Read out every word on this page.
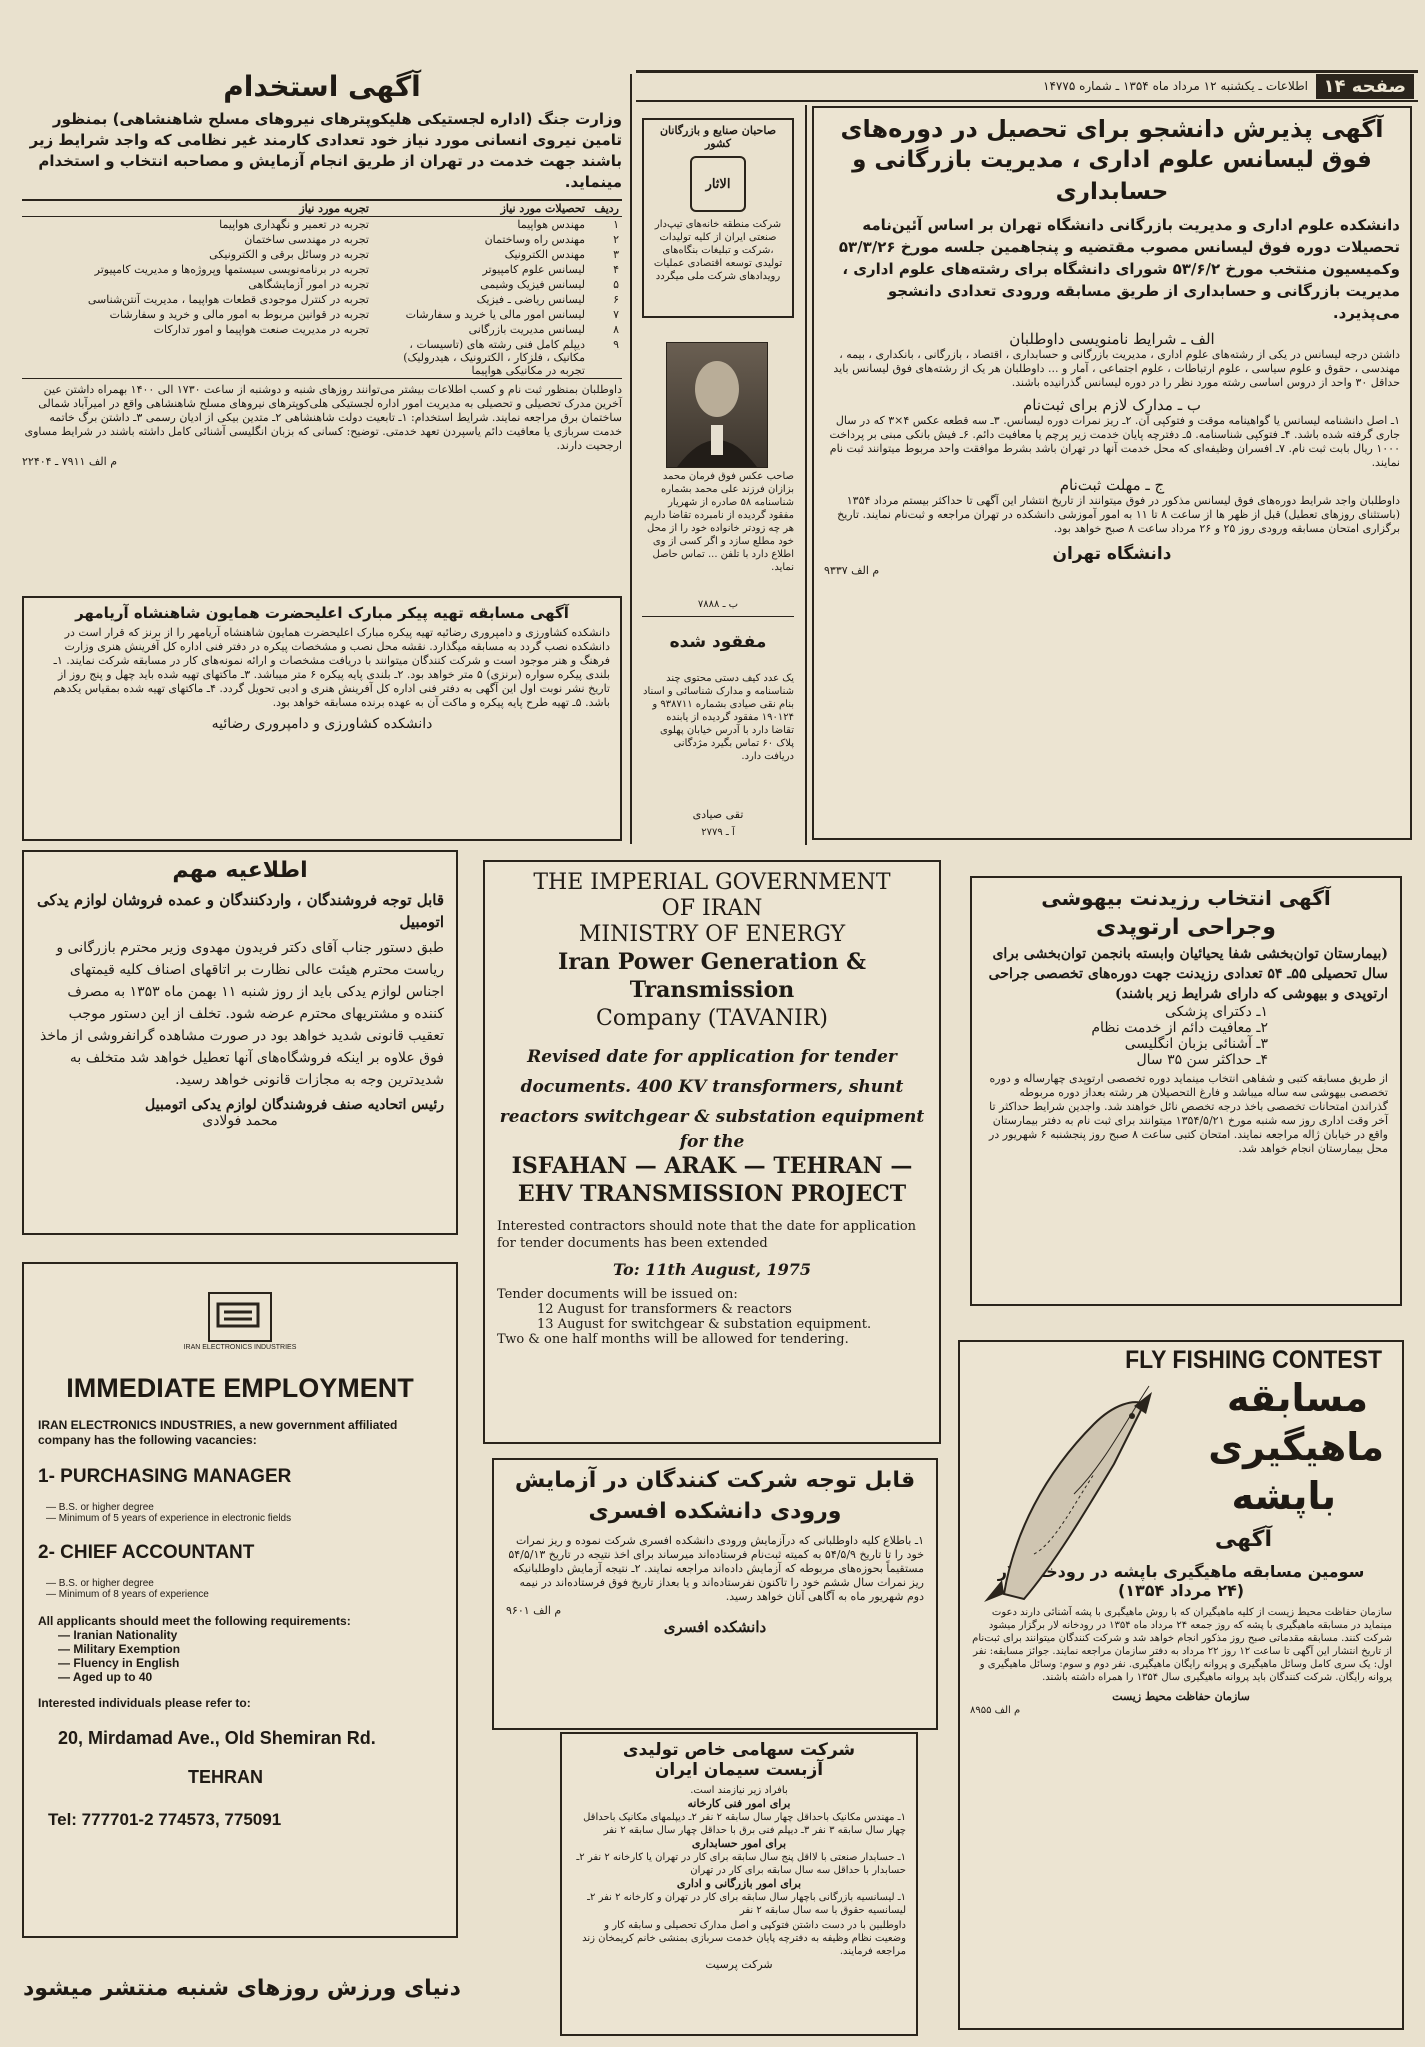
صفحه ۱۴
اطلاعات ـ یکشنبه ۱۲ مرداد ماه ۱۳۵۴ ـ شماره ۱۴۷۷۵
آگهی استخدام
وزارت جنگ (اداره لجستیکی هلیکوپترهای نیروهای مسلح شاهنشاهی) بمنظور تامین نیروی انسانی مورد نیاز خود تعدادی کارمند غیر نظامی که واجد شرایط زیر باشند جهت خدمت در تهران از طریق انجام آزمایش و مصاحبه انتخاب و استخدام مینماید.
ردیف	تحصیلات مورد نیاز	تجربه مورد نیاز
۱	مهندس هواپیما	تجربه در تعمیر و نگهداری هواپیما
۲	مهندس راه وساختمان	تجربه در مهندسی ساختمان
۳	مهندس الکترونیک	تجربه در وسائل برقی و الکترونیکی
۴	لیسانس علوم کامپیوتر	تجربه در برنامه‌نویسی سیستمها وپروژه‌ها و مدیریت کامپیوتر
۵	لیسانس فیزیک وشیمی	تجربه در امور آزمایشگاهی
۶	لیسانس ریاضی ـ فیزیک	تجربه در کنترل موجودی قطعات هواپیما ، مدیریت آنتن‌شناسی
۷	لیسانس امور مالی یا خرید و سفارشات	تجربه در قوانین مربوط به امور مالی و خرید و سفارشات
۸	لیسانس مدیریت بازرگانی	تجربه در مدیریت صنعت هواپیما و امور تدارکات
۹	دیپلم کامل فنی رشته های (تاسیسات ، مکانیک ، فلزکار ، الکترونیک ، هیدرولیک) تجربه در مکانیکی هواپیما	
داوطلبان بمنظور ثبت نام و کسب اطلاعات بیشتر می‌توانند روزهای شنبه و دوشنبه از ساعت ۱۷۳۰ الی ۱۴۰۰ بهمراه داشتن عین آخرین مدرک تحصیلی و تحصیلی به مدیریت امور اداره لجستیکی هلی‌کوپترهای نیروهای مسلح شاهنشاهی واقع در امیرآباد شمالی ساختمان برق مراجعه نمایند. شرایط استخدام: ۱ـ تابعیت دولت شاهنشاهی ۲ـ متدین بیکی از ادیان رسمی ۳ـ داشتن برگ خاتمه خدمت سربازی یا معافیت دائم یاسپردن تعهد خدمتی. توضیح: کسانی که بزبان انگلیسی آشنائی کامل داشته باشند در شرایط مساوی ارجحیت دارند.
م الف ۷۹۱۱ ـ ۲۲۴۰۴
صاحبان صنایع و بازرگانان کشور
الاثار
شرکت منطقه خانه‌های تیپ‌دار صنعتی ایران از کلیه تولیدات ،شرکت و تبلیغات بنگاه‌های تولیدی توسعه اقتصادی عملیات رویدادهای شرکت ملی میگردد
صاحب عکس فوق فرمان محمد بزازان فرزند علی محمد بشماره شناسنامه ۵۸ صادره از شهریار مفقود گردیده از نامبرده تقاضا داریم هر چه زودتر خانواده خود را از محل خود مطلع سازد و اگر کسی از وی اطلاع دارد با تلفن ... تماس حاصل نماید.
ب ـ ۷۸۸۸
مفقود شده
یک عدد کیف دستی محتوی چند شناسنامه و مدارک شناسائی و اسناد بنام نقی صیادی بشماره ۹۳۸۷۱۱ و ۱۹۰۱۲۴ مفقود گردیده از یابنده تقاضا دارد با آدرس خیابان پهلوی پلاک ۶۰ تماس بگیرد مژدگانی دریافت دارد.
تقی صیادی
آ ـ ۲۷۷۹
آگهی پذیرش دانشجو برای تحصیل در دوره‌های
فوق لیسانس علوم اداری ، مدیریت بازرگانی و حسابداری
دانشکده علوم اداری و مدیریت بازرگانی دانشگاه تهران بر اساس آئین‌نامه تحصیلات دوره فوق لیسانس مصوب مقتضیه و پنجاهمین جلسه مورخ ۵۳/۳/۲۶ وکمیسیون منتخب مورخ ۵۳/۶/۲ شورای دانشگاه برای رشته‌های علوم اداری ، مدیریت بازرگانی و حسابداری از طریق مسابقه ورودی تعدادی دانشجو می‌پذیرد.
الف ـ شرایط نامنویسی داوطلبان
داشتن درجه لیسانس در یکی از رشته‌های علوم اداری ، مدیریت بازرگانی و حسابداری ، اقتصاد ، بازرگانی ، بانکداری ، بیمه ، مهندسی ، حقوق و علوم سیاسی ، علوم ارتباطات ، علوم اجتماعی ، آمار و ... داوطلبان هر یک از رشته‌های فوق لیسانس باید حداقل ۳۰ واحد از دروس اساسی رشته مورد نظر را در دوره لیسانس گذرانیده باشند.
ب ـ مدارک لازم برای ثبت‌نام
۱ـ اصل دانشنامه لیسانس یا گواهینامه موقت و فتوکپی آن. ۲ـ ریز نمرات دوره لیسانس. ۳ـ سه قطعه عکس ۴×۳ که در سال جاری گرفته شده باشد. ۴ـ فتوکپی شناسنامه. ۵ـ دفترچه پایان خدمت زیر پرچم یا معافیت دائم. ۶ـ فیش بانکی مبنی بر پرداخت ۱۰۰۰ ریال بابت ثبت نام. ۷ـ افسران وظیفه‌ای که محل خدمت آنها در تهران باشد بشرط موافقت واحد مربوط میتوانند ثبت نام نمایند.
ج ـ مهلت ثبت‌نام
داوطلبان واجد شرایط دوره‌های فوق لیسانس مذکور در فوق میتوانند از تاریخ انتشار این آگهی تا حداکثر بیستم مرداد ۱۳۵۴ (باستثنای روزهای تعطیل) قبل از ظهر ها از ساعت ۸ تا ۱۱ به امور آموزشی دانشکده در تهران مراجعه و ثبت‌نام نمایند. تاریخ برگزاری امتحان مسابقه ورودی روز ۲۵ و ۲۶ مرداد ساعت ۸ صبح خواهد بود.
دانشگاه تهران
م الف ۹۳۳۷
آگهی مسابقه تهیه پیکر مبارک اعلیحضرت همایون شاهنشاه آریامهر
دانشکده کشاورزی و دامپروری رضائیه تهیه پیکره مبارک اعلیحضرت همایون شاهنشاه آریامهر را از برنز که قرار است در دانشکده نصب گردد به مسابقه میگذارد. نقشه محل نصب و مشخصات پیکره در دفتر فنی اداره کل آفرینش هنری وزارت فرهنگ و هنر موجود است و شرکت کنندگان میتوانند با دریافت مشخصات و ارائه نمونه‌های کار در مسابقه شرکت نمایند. ۱ـ بلندی پیکره سواره (برنزی) ۵ متر خواهد بود. ۲ـ بلندی پایه پیکره ۶ متر میباشد. ۳ـ ماکتهای تهیه شده باید چهل و پنج روز از تاریخ نشر نوبت اول این آگهی به دفتر فنی اداره کل آفرینش هنری و ادبی تحویل گردد. ۴ـ ماکتهای تهیه شده بمقیاس یکدهم باشد. ۵ـ تهیه طرح پایه پیکره و ماکت آن به عهده برنده مسابقه خواهد بود.
دانشکده کشاورزی و دامپروری رضائیه
اطلاعیه مهم
قابل توجه فروشندگان ، واردکنندگان و عمده فروشان لوازم یدکی اتومبیل
طبق دستور جناب آقای دکتر فریدون مهدوی وزیر محترم بازرگانی و ریاست محترم هیئت عالی نظارت بر اتاقهای اصناف کلیه قیمتهای اجناس لوازم یدکی باید از روز شنبه ۱۱ بهمن ماه ۱۳۵۳ به مصرف کننده و مشتریهای محترم عرضه شود. تخلف از این دستور موجب تعقیب قانونی شدید خواهد بود در صورت مشاهده گرانفروشی از ماخذ فوق علاوه بر اینکه فروشگاه‌های آنها تعطیل خواهد شد متخلف به شدیدترین وجه به مجازات قانونی خواهد رسید.
رئیس اتحادیه صنف فروشندگان لوازم یدکی اتومبیل
محمد فولادی
THE IMPERIAL GOVERNMENT
OF IRAN
MINISTRY OF ENERGY
Iran Power Generation &
Transmission
Company (TAVANIR)
Revised date for application for tender documents. 400 KV transformers, shunt reactors switchgear & substation equipment
for the
ISFAHAN — ARAK — TEHRAN —
EHV TRANSMISSION PROJECT
Interested contractors should note that the date for application for tender documents has been extended
To: 11th August, 1975
Tender documents will be issued on:
12 August for transformers & reactors
13 August for switchgear & substation equipment.
Two & one half months will be allowed for tendering.
آگهی انتخاب رزیدنت بیهوشی
وجراحی ارتوپدی
(بیمارستان توان‌بخشی شفا یحیائیان وابسته بانجمن توان‌بخشی برای سال تحصیلی ۵۵ـ ۵۴ تعدادی رزیدنت جهت دوره‌های تخصصی جراحی ارتوپدی و بیهوشی که دارای شرایط زیر باشند)
۱ـ دکترای پزشکی
۲ـ معافیت دائم از خدمت نظام
۳ـ آشنائی بزبان انگلیسی
۴ـ حداکثر سن ۳۵ سال
از طریق مسابقه کتبی و شفاهی انتخاب مینماید دوره تخصصی ارتوپدی چهارساله و دوره تخصصی بیهوشی سه ساله میباشد و فارغ التحصیلان هر رشته بعداز دوره مربوطه گذراندن امتحانات تخصصی باخذ درجه تخصص نائل خواهند شد. واجدین شرایط حداکثر تا آخر وقت اداری روز سه شنبه مورخ ۱۳۵۴/۵/۲۱ میتوانند برای ثبت نام به دفتر بیمارستان واقع در خیابان ژاله مراجعه نمایند. امتحان کتبی ساعت ۸ صبح روز پنجشنبه ۶ شهریور در محل بیمارستان انجام خواهد شد.
IRAN ELECTRONICS INDUSTRIES
IMMEDIATE EMPLOYMENT
IRAN ELECTRONICS INDUSTRIES, a new government affiliated company has the following vacancies:
1- PURCHASING MANAGER
— B.S. or higher degree
— Minimum of 5 years of experience in electronic fields
2- CHIEF ACCOUNTANT
— B.S. or higher degree
— Minimum of 8 years of experience
All applicants should meet the following requirements:
— Iranian Nationality
— Military Exemption
— Fluency in English
— Aged up to 40
Interested individuals please refer to:
20, Mirdamad Ave., Old Shemiran Rd.
TEHRAN
Tel: 777701-2 774573, 775091
دنیای ورزش روزهای شنبه منتشر میشود
قابل توجه شرکت کنندگان در آزمایش
ورودی دانشکده افسری
۱ـ باطلاع کلیه داوطلبانی که درآزمایش ورودی دانشکده افسری شرکت نموده و ریز نمرات خود را تا تاریخ ۵۴/۵/۹ به کمیته ثبت‌نام فرستاده‌اند میرساند برای اخذ نتیجه در تاریخ ۵۴/۵/۱۳ مستقیماً بحوزه‌های مربوطه که آزمایش داده‌اند مراجعه نمایند. ۲ـ نتیجه آزمایش داوطلبانیکه ریز نمرات سال ششم خود را تاکنون نفرستاده‌اند و یا بعداز تاریخ فوق فرستاده‌اند در نیمه دوم شهریور ماه به آگاهی آنان خواهد رسید.
م الف ۹۶۰۱
دانشکده افسری
شرکت سهامی خاص تولیدی
آزبست سیمان ایران
بافراد زیر نیازمند است.
برای امور فنی کارخانه
۱ـ مهندس مکانیک باحداقل چهار سال سابقه ۲ نفر ۲ـ دیپلمهای مکانیک باحداقل چهار سال سابقه ۳ نفر ۳ـ دیپلم فنی برق با حداقل چهار سال سابقه ۲ نفر
برای امور حسابداری
۱ـ حسابدار صنعتی با لااقل پنج سال سابقه برای کار در تهران یا کارخانه ۲ نفر ۲ـ حسابدار با حداقل سه سال سابقه برای کار در تهران
برای امور بازرگانی و اداری
۱ـ لیسانسیه بازرگانی باچهار سال سابقه برای کار در تهران و کارخانه ۲ نفر ۲ـ لیسانسیه حقوق با سه سال سابقه ۲ نفر
داوطلبین با در دست داشتن فتوکپی و اصل مدارک تحصیلی و سابقه کار و وضعیت نظام وظیفه به دفترچه پایان خدمت سربازی بمنشی خانم کریمخان زند مراجعه فرمایند.
شرکت پرسیت
FLY FISHING CONTEST
مسابقه
ماهیگیری
باپشه
آگهی
سومین مسابقه ماهیگیری باپشه در رودخانه لار
(۲۴ مرداد ۱۳۵۴)
سازمان حفاظت محیط زیست از کلیه ماهیگیران که با روش ماهیگیری با پشه آشنائی دارند دعوت مینماید در مسابقه ماهیگیری با پشه که روز جمعه ۲۴ مرداد ماه ۱۳۵۴ در رودخانه لار برگزار میشود شرکت کنند. مسابقه مقدماتی صبح روز مذکور انجام خواهد شد و شرکت کنندگان میتوانند برای ثبت‌نام از تاریخ انتشار این آگهی تا ساعت ۱۲ روز ۲۲ مرداد به دفتر سازمان مراجعه نمایند. جوائز مسابقه: نفر اول: یک سری کامل وسائل ماهیگیری و پروانه رایگان ماهیگیری. نفر دوم و سوم: وسائل ماهیگیری و پروانه رایگان. شرکت کنندگان باید پروانه ماهیگیری سال ۱۳۵۴ را همراه داشته باشند.
سازمان حفاظت محیط زیست
م الف ۸۹۵۵
